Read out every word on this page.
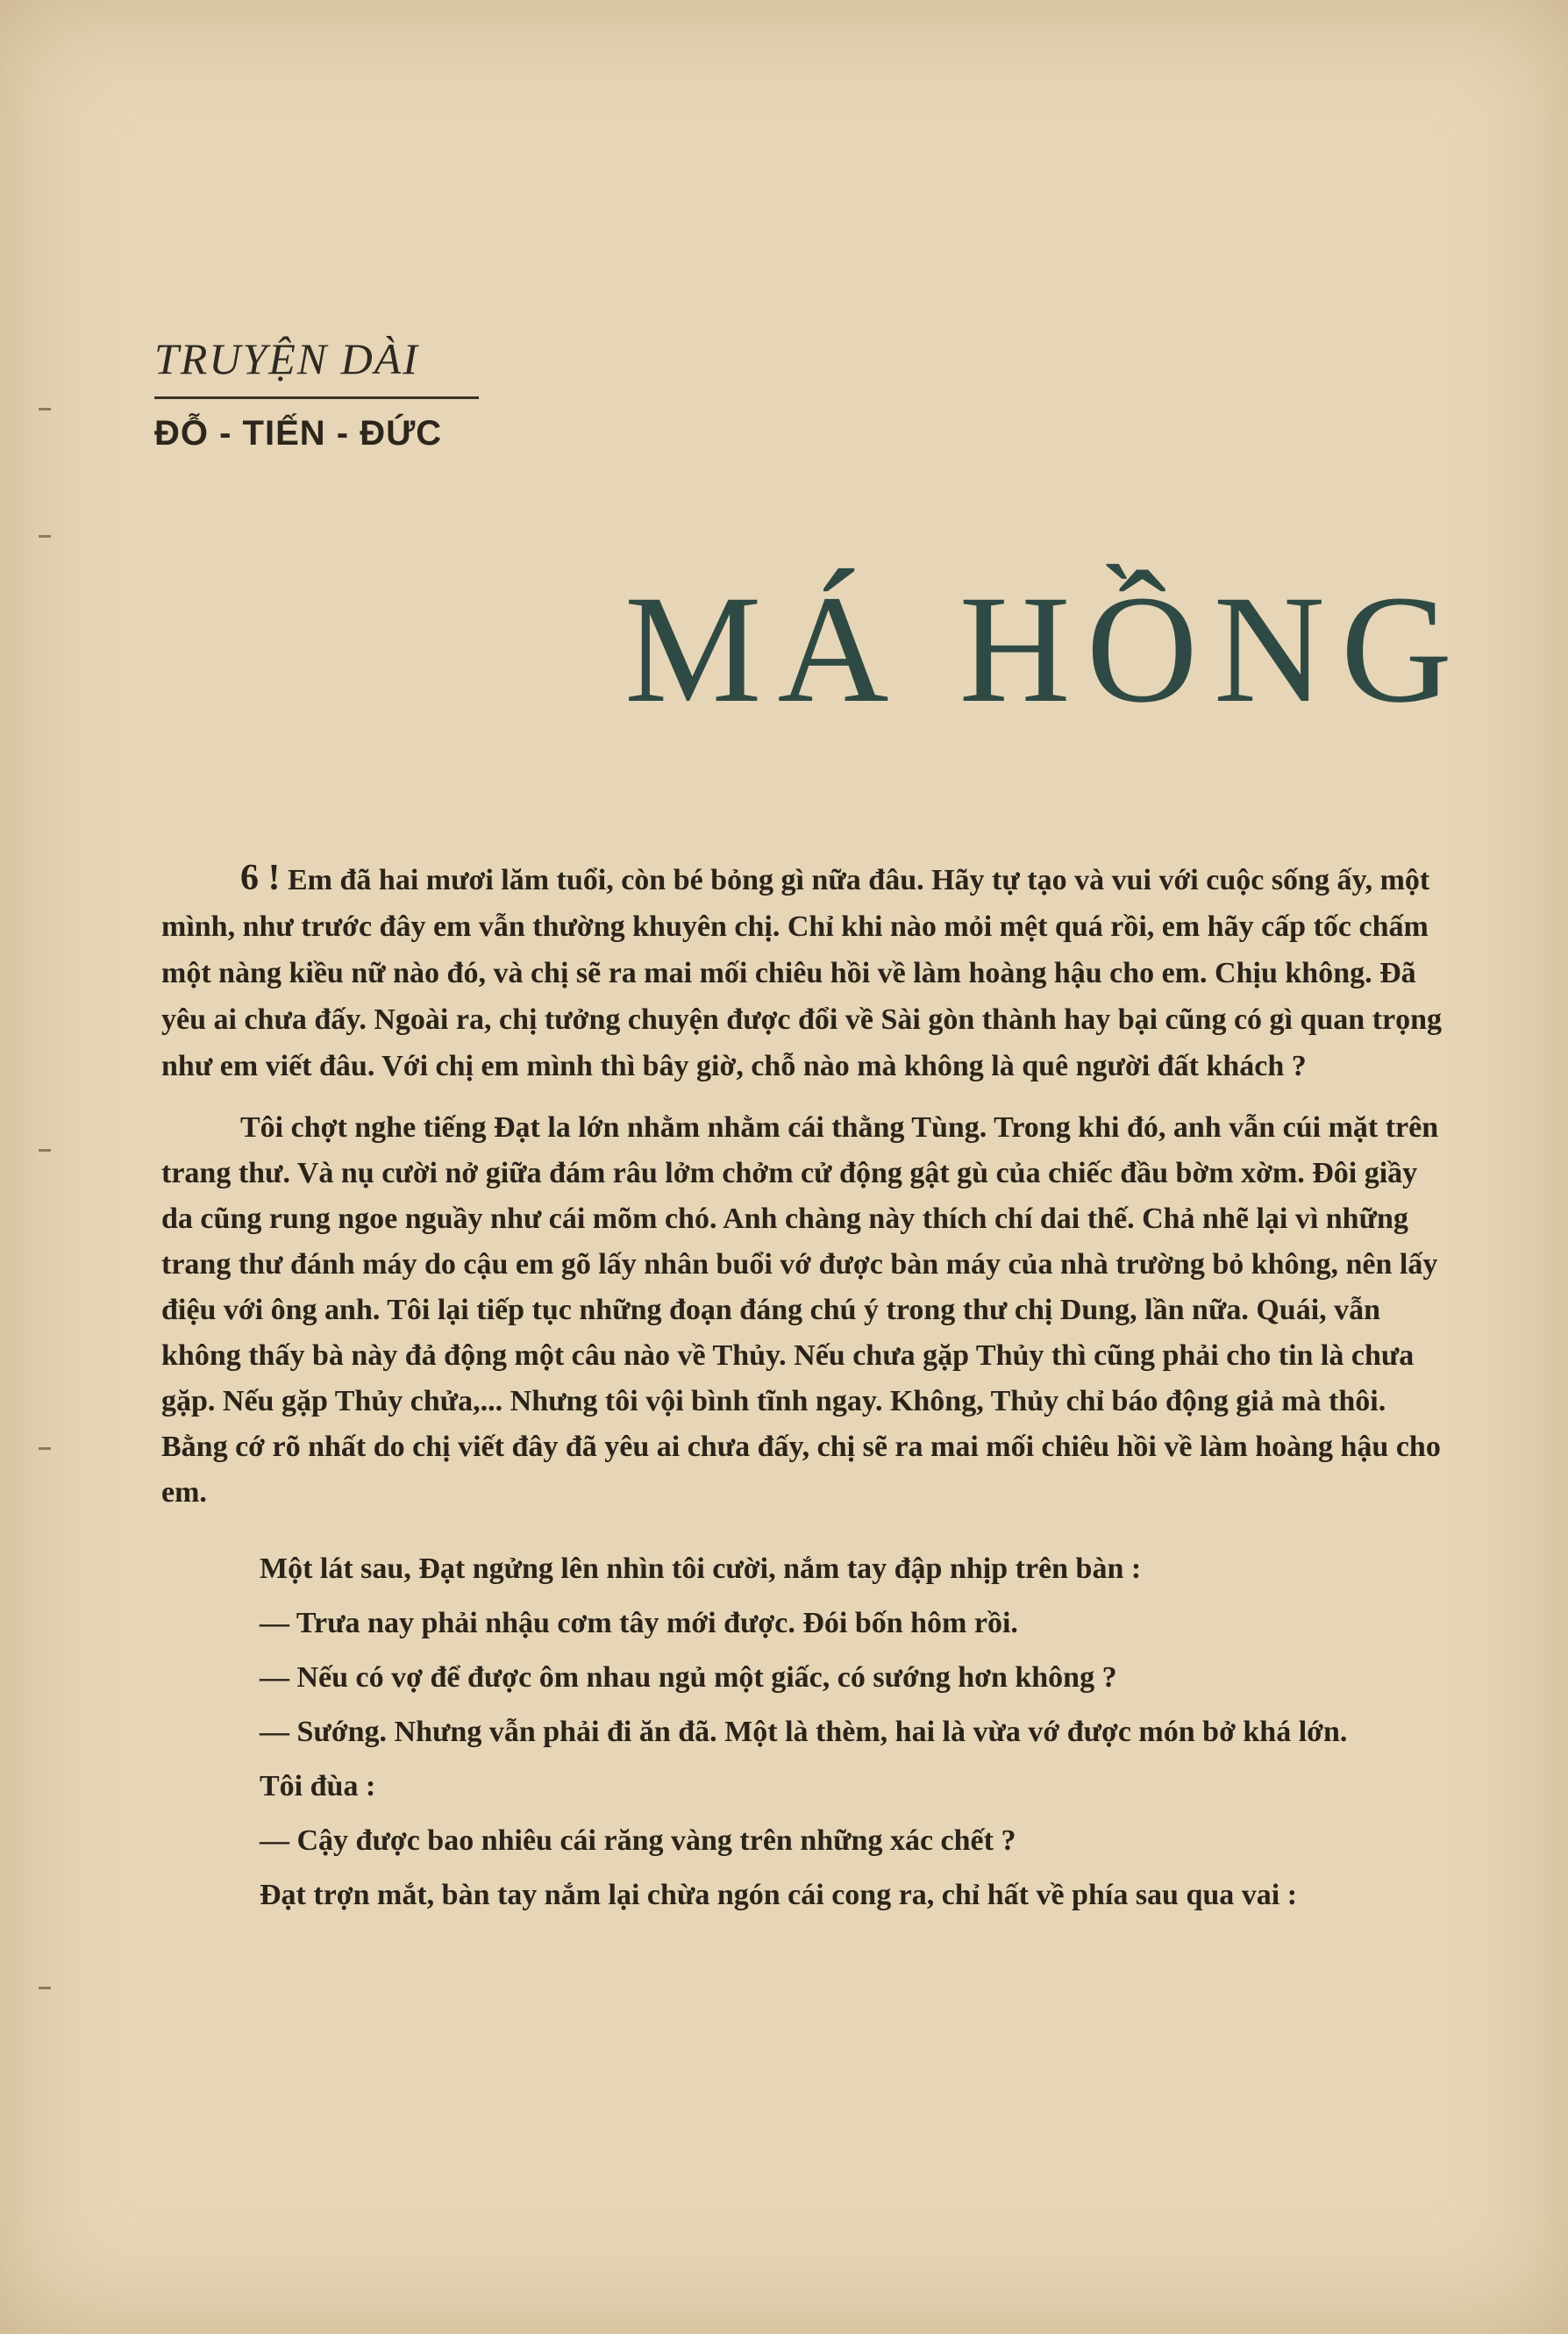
TRUYỆN DÀI
ĐỖ - TIẾN - ĐỨC
MÁ HỒNG

6 ! Em đã hai mươi lăm tuổi, còn bé bỏng gì nữa đâu. Hãy tự tạo và vui với cuộc sống ấy, một mình, như trước đây em vẫn thường khuyên chị. Chỉ khi nào mỏi mệt quá rồi, em hãy cấp tốc chấm một nàng kiều nữ nào đó, và chị sẽ ra mai mối chiêu hồi về làm hoàng hậu cho em. Chịu không. Đã yêu ai chưa đấy. Ngoài ra, chị tưởng chuyện được đổi về Sài gòn thành hay bại cũng có gì quan trọng như em viết đâu. Với chị em mình thì bây giờ, chỗ nào mà không là quê người đất khách ?

Tôi chợt nghe tiếng Đạt la lớn nhằm nhằm cái thằng Tùng. Trong khi đó, anh vẫn cúi mặt trên trang thư. Và nụ cười nở giữa đám râu lởm chởm cử động gật gù của chiếc đầu bờm xờm. Đôi giầy da cũng rung ngoe nguầy như cái mõm chó. Anh chàng này thích chí dai thế. Chả nhẽ lại vì những trang thư đánh máy do cậu em gõ lấy nhân buổi vớ được bàn máy của nhà trường bỏ không, nên lấy điệu với ông anh. Tôi lại tiếp tục những đoạn đáng chú ý trong thư chị Dung, lần nữa. Quái, vẫn không thấy bà này đả động một câu nào về Thủy. Nếu chưa gặp Thủy thì cũng phải cho tin là chưa gặp. Nếu gặp Thủy chửa,... Nhưng tôi vội bình tĩnh ngay. Không, Thủy chỉ báo động giả mà thôi. Bằng cớ rõ nhất do chị viết đây đã yêu ai chưa đấy, chị sẽ ra mai mối chiêu hồi về làm hoàng hậu cho em.

Một lát sau, Đạt ngửng lên nhìn tôi cười, nắm tay đập nhịp trên bàn :

— Trưa nay phải nhậu cơm tây mới được. Đói bốn hôm rồi.

— Nếu có vợ để được ôm nhau ngủ một giấc, có sướng hơn không ?

— Sướng. Nhưng vẫn phải đi ăn đã. Một là thèm, hai là vừa vớ được món bở khá lớn.

Tôi đùa :

— Cậy được bao nhiêu cái răng vàng trên những xác chết ?

Đạt trợn mắt, bàn tay nắm lại chừa ngón cái cong ra, chỉ hất về phía sau qua vai :
